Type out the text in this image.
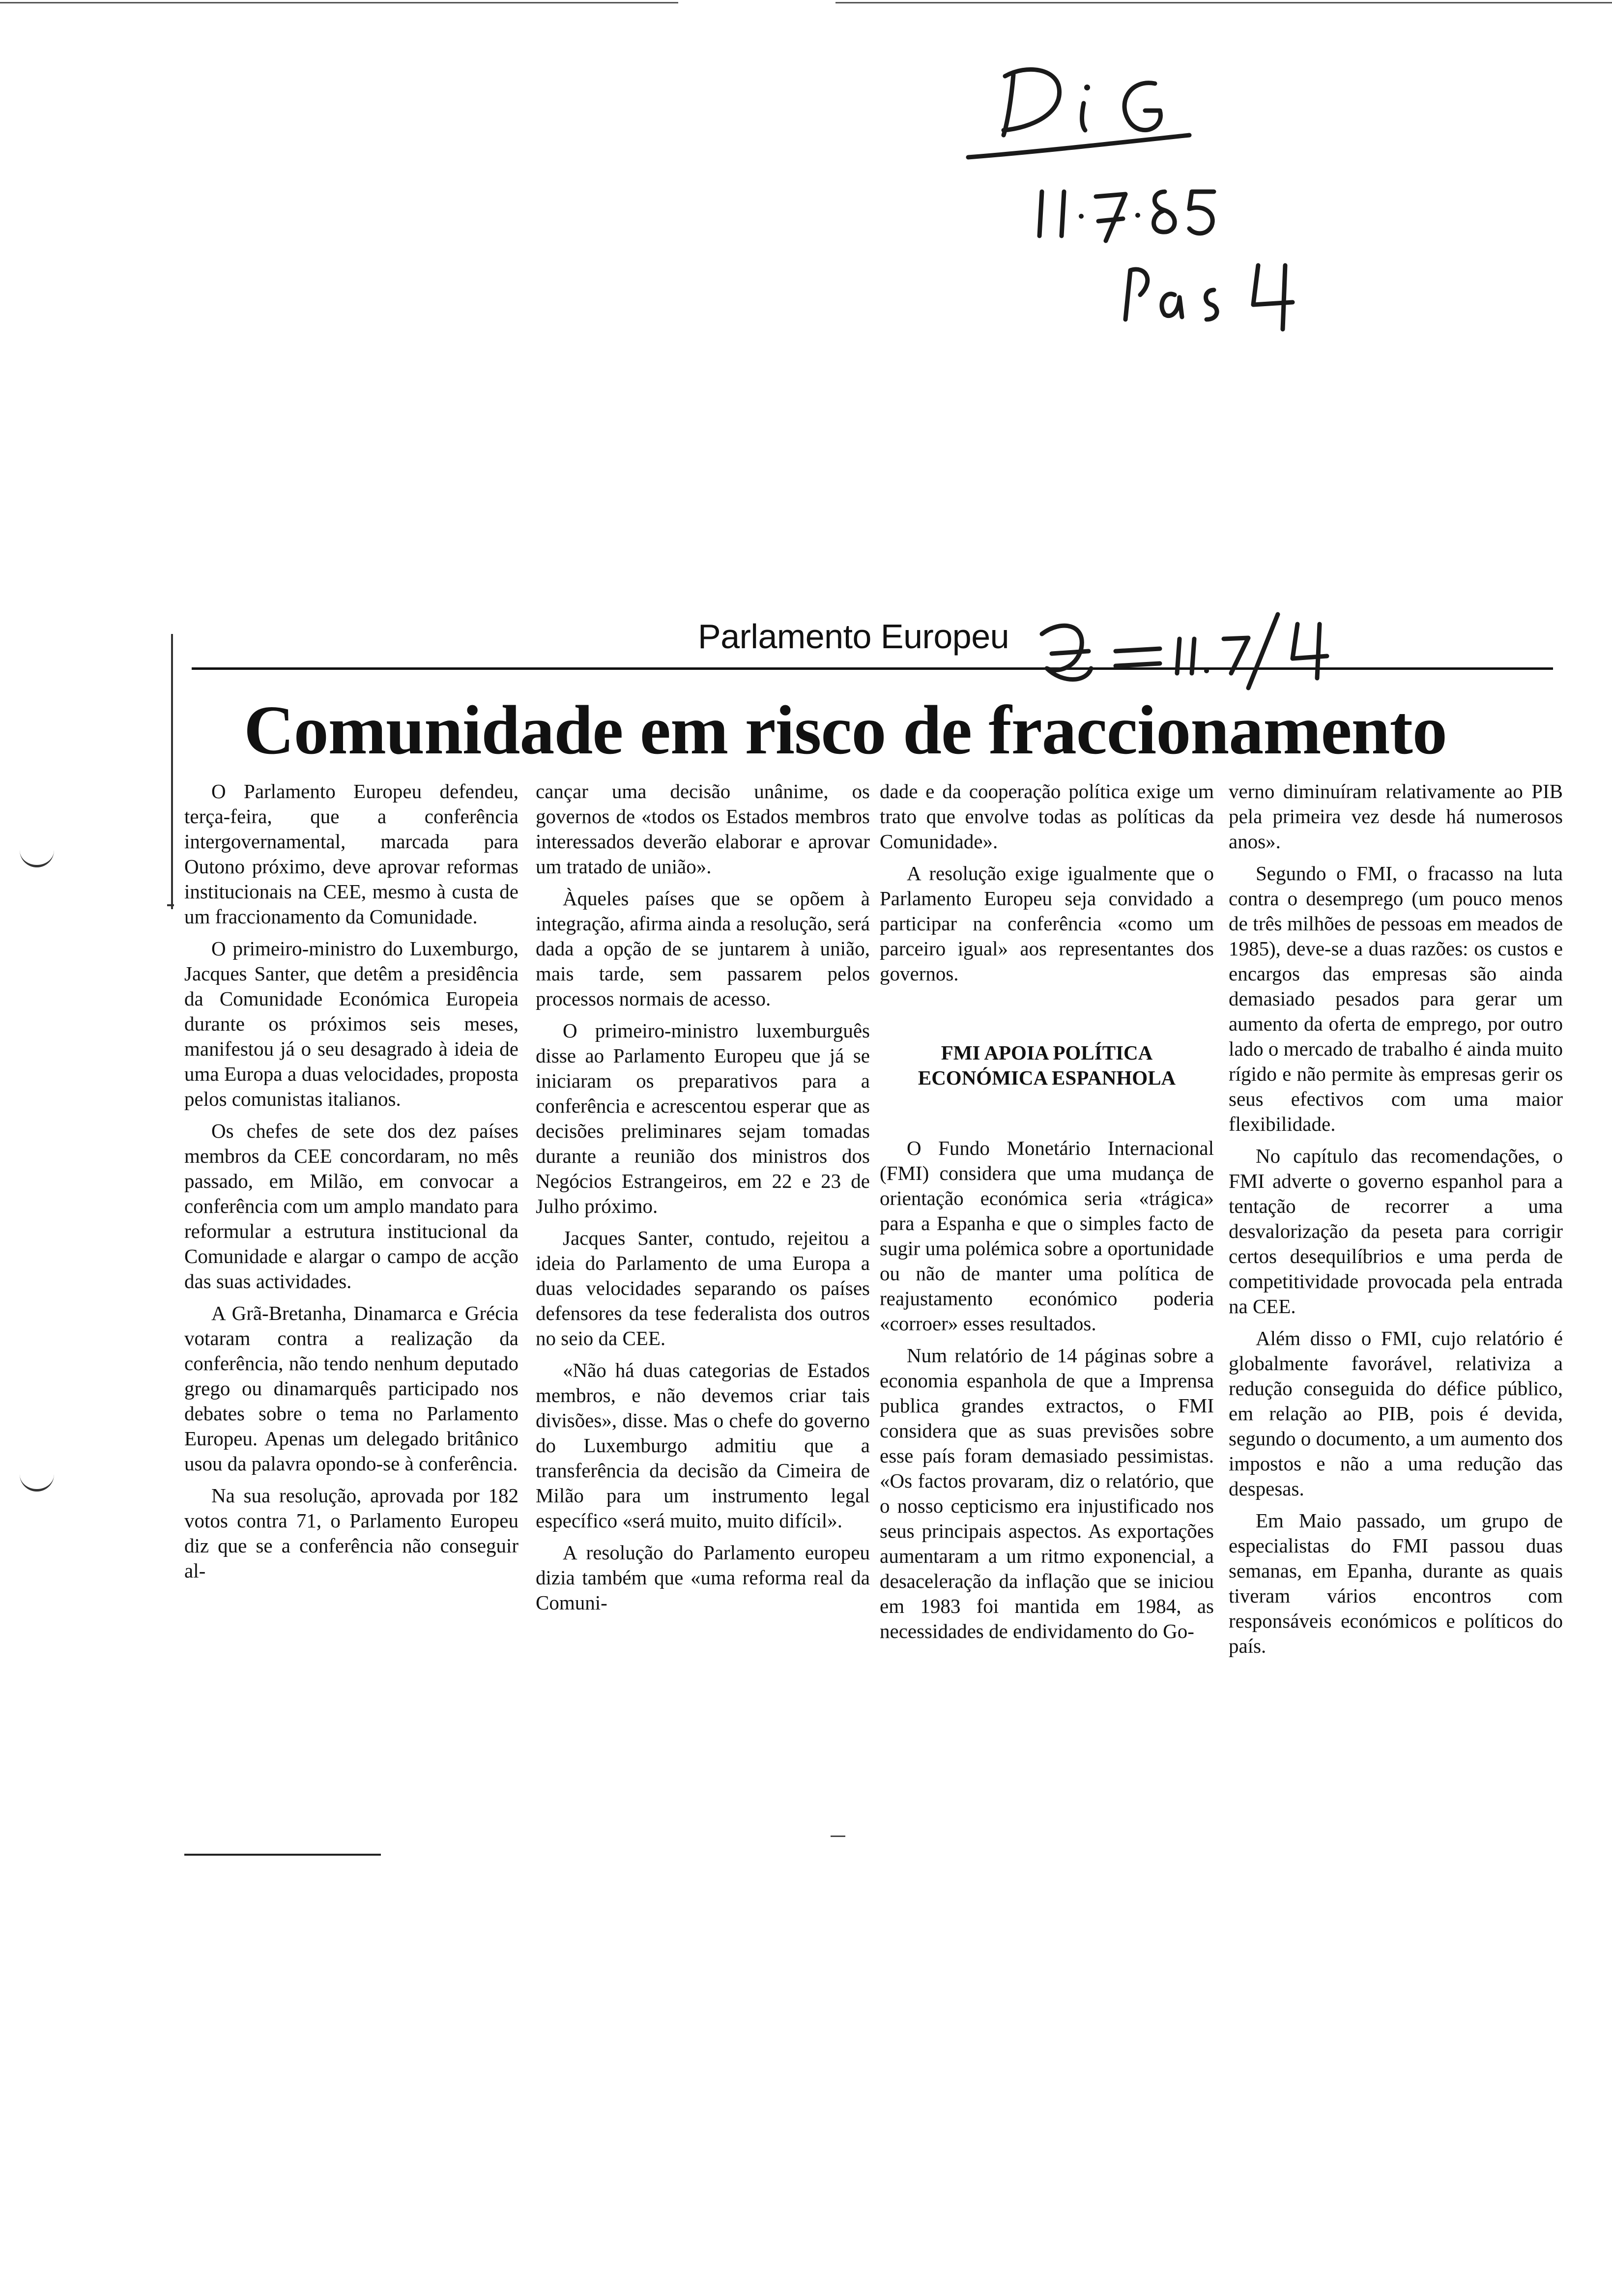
Parlamento Europeu
Comunidade em risco de fraccionamento

O Parlamento Europeu defendeu, terça-feira, que a conferência intergovernamental, marcada para Outono próximo, deve aprovar reformas institucionais na CEE, mesmo à custa de um fraccionamento da Comunidade.

O primeiro-ministro do Luxemburgo, Jacques Santer, que detêm a presidência da Comunidade Económica Europeia durante os próximos seis meses, manifestou já o seu desagrado à ideia de uma Europa a duas velocidades, proposta pelos comunistas italianos.

Os chefes de sete dos dez países membros da CEE concordaram, no mês passado, em Milão, em convocar a conferência com um amplo mandato para reformular a estrutura institucional da Comunidade e alargar o campo de acção das suas actividades.

A Grã-Bretanha, Dinamarca e Grécia votaram contra a realização da conferência, não tendo nenhum deputado grego ou dinamarquês participado nos debates sobre o tema no Parlamento Europeu. Apenas um delegado britânico usou da palavra opondo-se à conferência.

Na sua resolução, aprovada por 182 votos contra 71, o Parlamento Europeu diz que se a conferência não conseguir al-

cançar uma decisão unânime, os governos de «todos os Estados membros interessados deverão elaborar e aprovar um tratado de união».

Àqueles países que se opõem à integração, afirma ainda a resolução, será dada a opção de se juntarem à união, mais tarde, sem passarem pelos processos normais de acesso.

O primeiro-ministro luxemburguês disse ao Parlamento Europeu que já se iniciaram os preparativos para a conferência e acrescentou esperar que as decisões preliminares sejam tomadas durante a reunião dos ministros dos Negócios Estrangeiros, em 22 e 23 de Julho próximo.

Jacques Santer, contudo, rejeitou a ideia do Parlamento de uma Europa a duas velocidades separando os países defensores da tese federalista dos outros no seio da CEE.

«Não há duas categorias de Estados membros, e não devemos criar tais divisões», disse. Mas o chefe do governo do Luxemburgo admitiu que a transferência da decisão da Cimeira de Milão para um instrumento legal específico «será muito, muito difícil».

A resolução do Parlamento europeu dizia também que «uma reforma real da Comuni-

dade e da cooperação política exige um trato que envolve todas as políticas da Comunidade».

A resolução exige igualmente que o Parlamento Europeu seja convidado a participar na conferência «como um parceiro igual» aos representantes dos governos.

FMI APOIA POLÍTICA
ECONÓMICA ESPANHOLA

O Fundo Monetário Internacional (FMI) considera que uma mudança de orientação económica seria «trágica» para a Espanha e que o simples facto de sugir uma polémica sobre a oportunidade ou não de manter uma política de reajustamento económico poderia «corroer» esses resultados.

Num relatório de 14 páginas sobre a economia espanhola de que a Imprensa publica grandes extractos, o FMI considera que as suas previsões sobre esse país foram demasiado pessimistas. «Os factos provaram, diz o relatório, que o nosso cepticismo era injustificado nos seus principais aspectos. As exportações aumentaram a um ritmo exponencial, a desaceleração da inflação que se iniciou em 1983 foi mantida em 1984, as necessidades de endividamento do Go-

verno diminuíram relativamente ao PIB pela primeira vez desde há numerosos anos».

Segundo o FMI, o fracasso na luta contra o desemprego (um pouco menos de três milhões de pessoas em meados de 1985), deve-se a duas razões: os custos e encargos das empresas são ainda demasiado pesados para gerar um aumento da oferta de emprego, por outro lado o mercado de trabalho é ainda muito rígido e não permite às empresas gerir os seus efectivos com uma maior flexibilidade.

No capítulo das recomendações, o FMI adverte o governo espanhol para a tentação de recorrer a uma desvalorização da peseta para corrigir certos desequilíbrios e uma perda de competitividade provocada pela entrada na CEE.

Além disso o FMI, cujo relatório é globalmente favorável, relativiza a redução conseguida do défice público, em relação ao PIB, pois é devida, segundo o documento, a um aumento dos impostos e não a uma redução das despesas.

Em Maio passado, um grupo de especialistas do FMI passou duas semanas, em Epanha, durante as quais tiveram vários encontros com responsáveis económicos e políticos do país.
